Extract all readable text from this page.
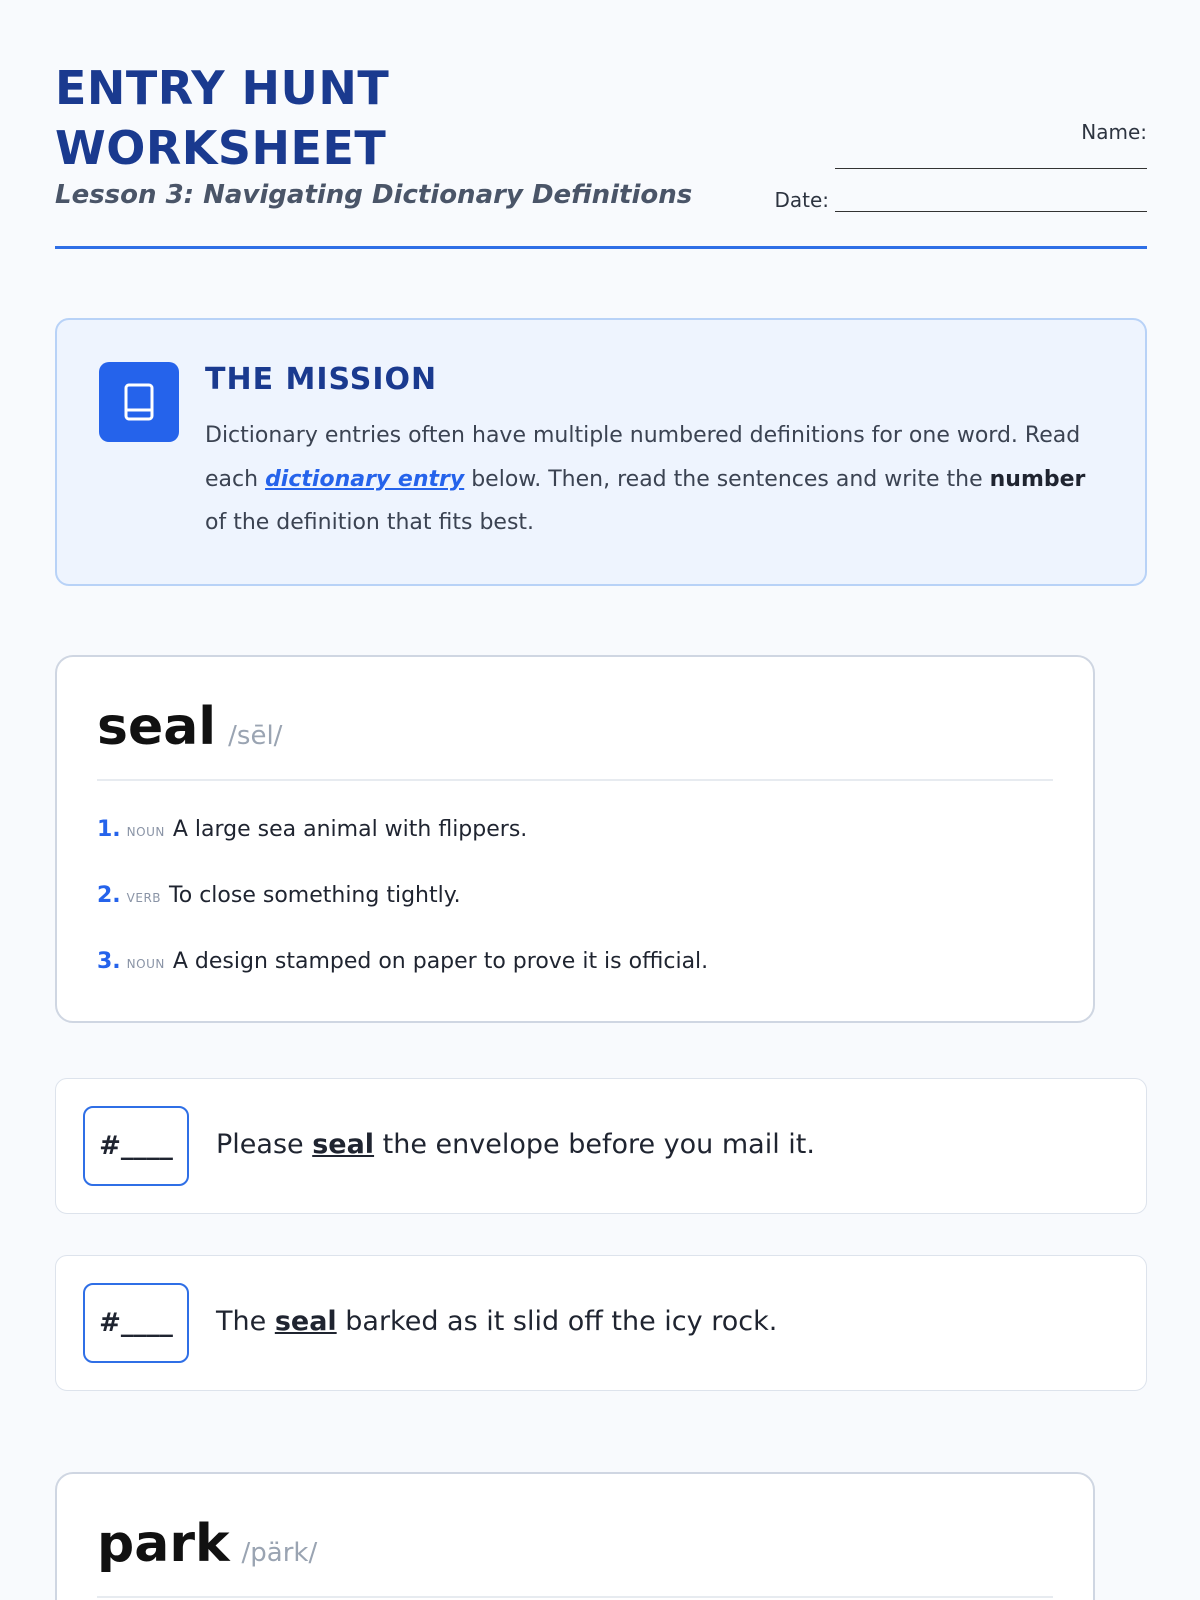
ENTRY HUNT
WORKSHEET
Lesson 3: Navigating Dictionary Definitions
Name:
Date:
THE MISSION
Dictionary entries often have multiple numbered definitions for one word. Read each dictionary entry below. Then, read the sentences and write the number of the definition that fits best.
seal /sēl/
1. noun A large sea animal with flippers.
2. verb To close something tightly.
3. noun A design stamped on paper to prove it is official.
#____	Please seal the envelope before you mail it.
#____	The seal barked as it slid off the icy rock.
park /pärk/
